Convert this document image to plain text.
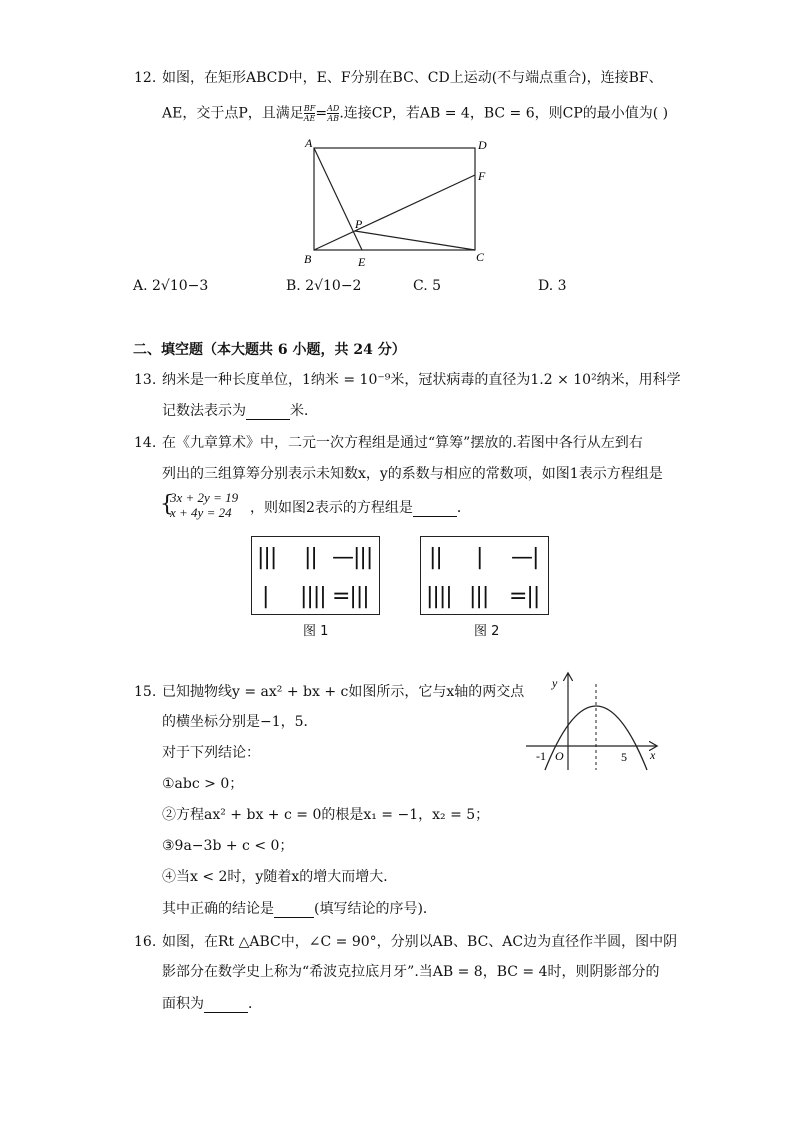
12. 如图，在矩形ABCD中，E、F分别在BC、CD上运动(不与端点重合)，连接BF、
AE，交于点P，且满足 $\frac{BF}{AE} = \frac{AD}{AB}$ .连接CP，若AB = 4，BC = 6，则CP的最小值为( )
A	D
F
P
B	E	C
A. 2√10−3	B. 2√10−2	C. 5	D. 3
二、填空题（本大题共 6 小题，共 24 分）
13. 纳米是一种长度单位，1纳米 = 10⁻⁹米，冠状病毒的直径为1.2 × 10²纳米，用科学
记数法表示为	米．
14. 在《九章算术》中，二元一次方程组是通过“算筹”摆放的.若图中各行从左到右
列出的三组算筹分别表示未知数x，y的系数与相应的常数项，如图1表示方程组是
{
3x + 2y = 19
x + 4y = 24	，则如图2表示的方程组是	．
||| || —|||
| |||| =|||
图 1
|| | —|
|||| ||| =||
图 2
15. 已知抛物线y = ax² + bx + c如图所示，它与x轴的两交点
的横坐标分别是−1，5．
对于下列结论：
①abc > 0；
②方程ax² + bx + c = 0的根是x₁ = −1，x₂ = 5；
③9a−3b + c < 0；
④当x < 2时，y随着x的增大而增大．
其中正确的结论是	(填写结论的序号)．
y
x
O
-1	5
16. 如图，在Rt △ABC中，∠C = 90°，分别以AB、BC、AC边为直径作半圆，图中阴
影部分在数学史上称为“希波克拉底月牙”.当AB = 8，BC = 4时，则阴影部分的
面积为	．
